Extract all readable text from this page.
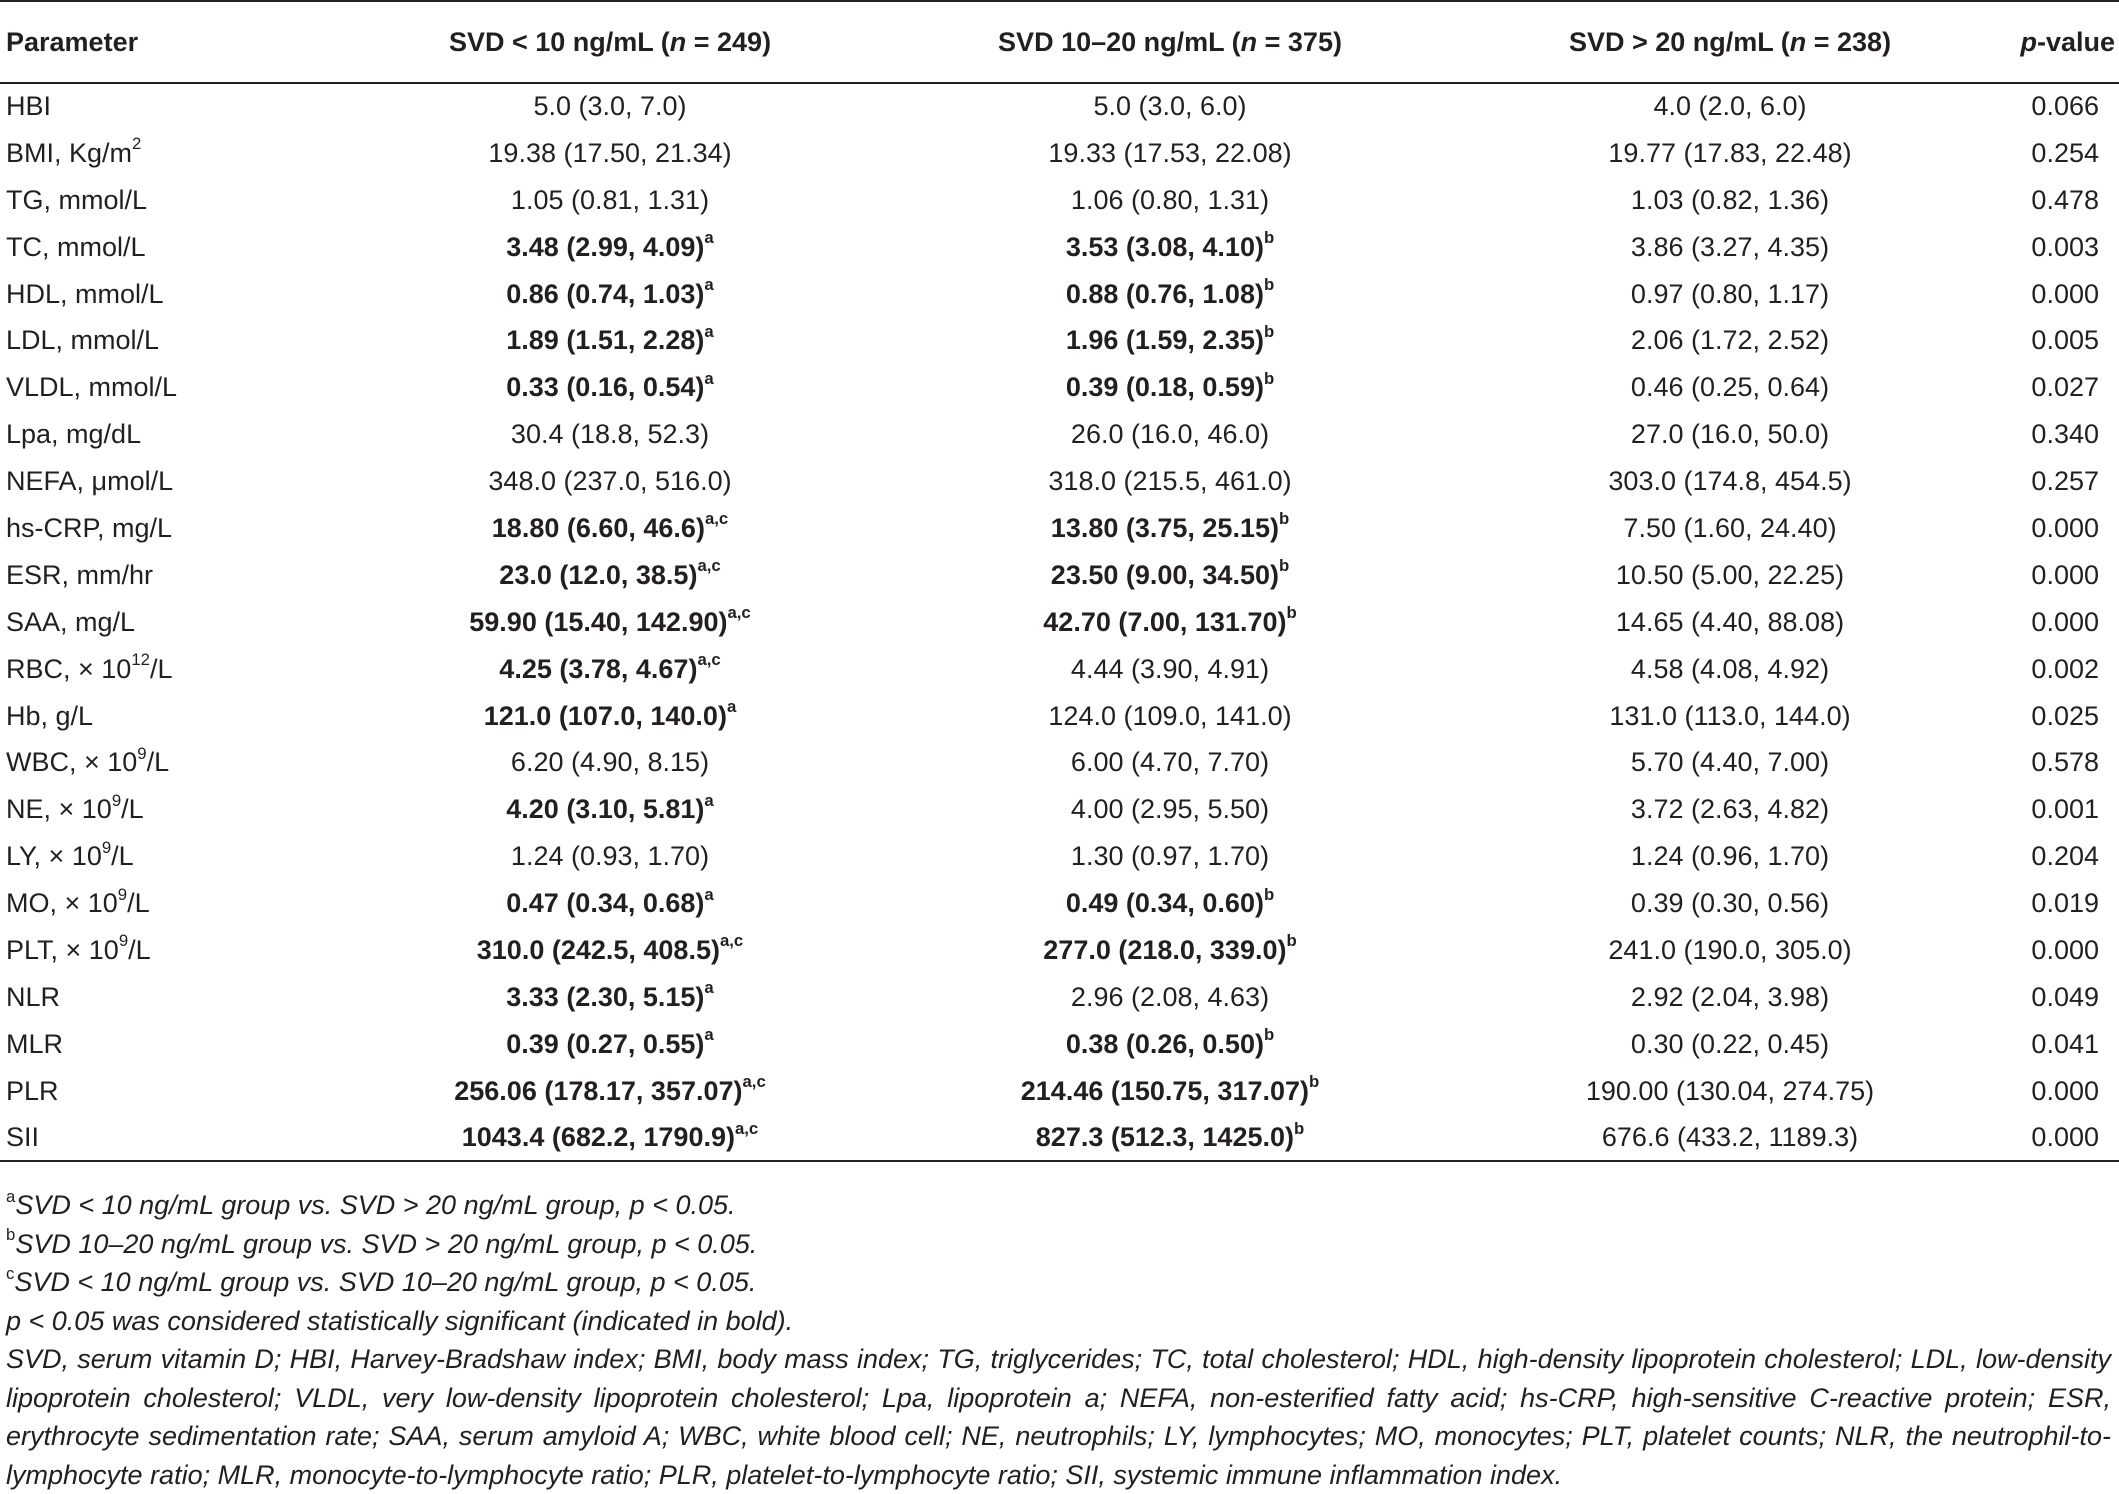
Parameter	SVD < 10 ng/mL (n = 249)	SVD 10–20 ng/mL (n = 375)	SVD > 20 ng/mL (n = 238)	p-value
HBI	5.0 (3.0, 7.0)	5.0 (3.0, 6.0)	4.0 (2.0, 6.0)	0.066
BMI, $Kg/m^2$	19.38 (17.50, 21.34)	19.33 (17.53, 22.08)	19.77 (17.83, 22.48)	0.254
TG, mmol/L	1.05 (0.81, 1.31)	1.06 (0.80, 1.31)	1.03 (0.82, 1.36)	0.478
TC, mmol/L	3.48 (2.99, 4.09)$^a$	3.53 (3.08, 4.10)$^b$	3.86 (3.27, 4.35)	0.003
HDL, mmol/L	0.86 (0.74, 1.03)$^a$	0.88 (0.76, 1.08)$^b$	0.97 (0.80, 1.17)	0.000
LDL, mmol/L	1.89 (1.51, 2.28)$^a$	1.96 (1.59, 2.35)$^b$	2.06 (1.72, 2.52)	0.005
VLDL, mmol/L	0.33 (0.16, 0.54)$^a$	0.39 (0.18, 0.59)$^b$	0.46 (0.25, 0.64)	0.027
Lpa, mg/dL	30.4 (18.8, 52.3)	26.0 (16.0, 46.0)	27.0 (16.0, 50.0)	0.340
NEFA, μmol/L	348.0 (237.0, 516.0)	318.0 (215.5, 461.0)	303.0 (174.8, 454.5)	0.257
hs-CRP, mg/L	18.80 (6.60, 46.6)$^{a,c}$	13.80 (3.75, 25.15)$^b$	7.50 (1.60, 24.40)	0.000
ESR, mm/hr	23.0 (12.0, 38.5)$^{a,c}$	23.50 (9.00, 34.50)$^b$	10.50 (5.00, 22.25)	0.000
SAA, mg/L	59.90 (15.40, 142.90)$^{a,c}$	42.70 (7.00, 131.70)$^b$	14.65 (4.40, 88.08)	0.000
RBC, × $10^{12}/L$	4.25 (3.78, 4.67)$^{a,c}$	4.44 (3.90, 4.91)	4.58 (4.08, 4.92)	0.002
Hb, g/L	121.0 (107.0, 140.0)$^a$	124.0 (109.0, 141.0)	131.0 (113.0, 144.0)	0.025
WBC, × $10^9/L$	6.20 (4.90, 8.15)	6.00 (4.70, 7.70)	5.70 (4.40, 7.00)	0.578
NE, × $10^9/L$	4.20 (3.10, 5.81)$^a$	4.00 (2.95, 5.50)	3.72 (2.63, 4.82)	0.001
LY, × $10^9/L$	1.24 (0.93, 1.70)	1.30 (0.97, 1.70)	1.24 (0.96, 1.70)	0.204
MO, × $10^9/L$	0.47 (0.34, 0.68)$^a$	0.49 (0.34, 0.60)$^b$	0.39 (0.30, 0.56)	0.019
PLT, × $10^9/L$	310.0 (242.5, 408.5)$^{a,c}$	277.0 (218.0, 339.0)$^b$	241.0 (190.0, 305.0)	0.000
NLR	3.33 (2.30, 5.15)$^a$	2.96 (2.08, 4.63)	2.92 (2.04, 3.98)	0.049
MLR	0.39 (0.27, 0.55)$^a$	0.38 (0.26, 0.50)$^b$	0.30 (0.22, 0.45)	0.041
PLR	256.06 (178.17, 357.07)$^{a,c}$	214.46 (150.75, 317.07)$^b$	190.00 (130.04, 274.75)	0.000
SII	1043.4 (682.2, 1790.9)$^{a,c}$	827.3 (512.3, 1425.0)$^b$	676.6 (433.2, 1189.3)	0.000

$^a$SVD < 10 ng/mL group vs. SVD > 20 ng/mL group, p < 0.05.

$^b$SVD 10–20 ng/mL group vs. SVD > 20 ng/mL group, p < 0.05.

$^c$SVD < 10 ng/mL group vs. SVD 10–20 ng/mL group, p < 0.05.

p < 0.05 was considered statistically significant (indicated in bold).

SVD, serum vitamin D; HBI, Harvey-Bradshaw index; BMI, body mass index; TG, triglycerides; TC, total cholesterol; HDL, high-density lipoprotein cholesterol; LDL, low-density lipoprotein cholesterol; VLDL, very low-density lipoprotein cholesterol; Lpa, lipoprotein a; NEFA, non-esterified fatty acid; hs-CRP, high-sensitive C-reactive protein; ESR, erythrocyte sedimentation rate; SAA, serum amyloid A; WBC, white blood cell; NE, neutrophils; LY, lymphocytes; MO, monocytes; PLT, platelet counts; NLR, the neutrophil-to-lymphocyte ratio; MLR, monocyte-to-lymphocyte ratio; PLR, platelet-to-lymphocyte ratio; SII, systemic immune inflammation index.
